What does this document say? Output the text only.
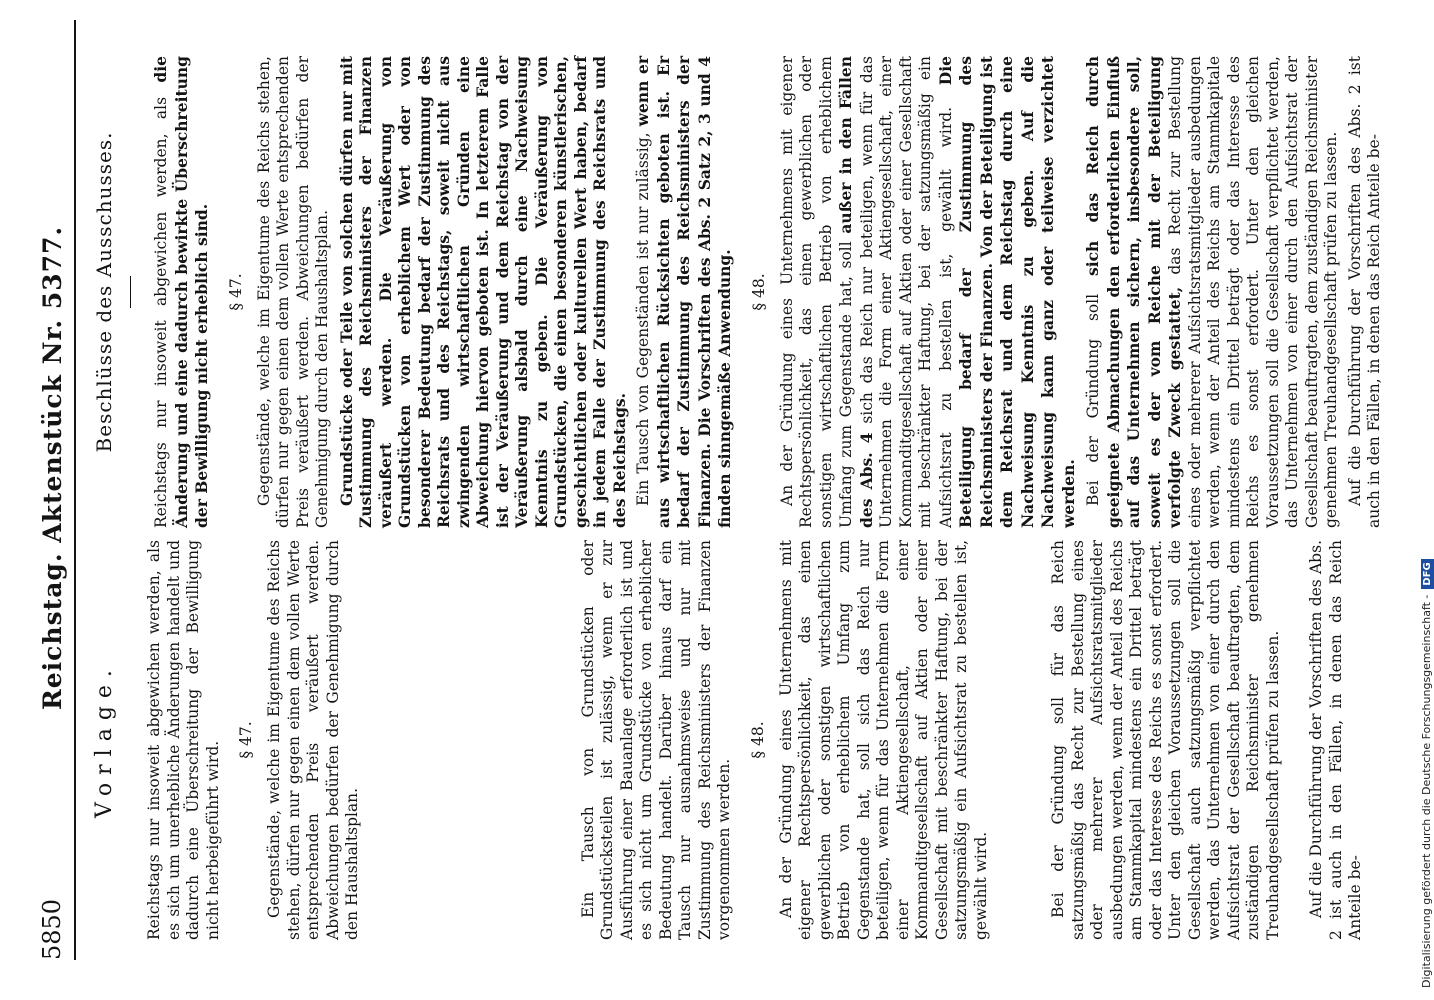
5850
Reichstag. Aktenstück Nr. 5377.
Vorlage. Reichstags nur insoweit abgewichen werden, als es sich um unerhebliche Änderungen handelt und dadurch eine Überschreitung der Bewilligung nicht herbeigeführt wird.

§ 47. Gegenstände, welche im Eigentume des Reichs stehen, dürfen nur gegen einen dem vollen Werte entsprechenden Preis veräußert werden. Abweichungen bedürfen der Genehmigung durch den Haushaltsplan.	Ein Tausch von Grundstücken oder Grundstücksteilen ist zulässig, wenn er zur Ausführung einer Bauanlage erforderlich ist und es sich nicht um Grundstücke von erheblicher Bedeutung handelt. Darüber hinaus darf ein Tausch nur ausnahmsweise und nur mit Zustimmung des Reichsministers der Finanzen vorgenommen werden.

§ 48. An der Gründung eines Unternehmens mit eigener Rechtspersönlichkeit, das einen gewerblichen oder sonstigen wirtschaftlichen Betrieb von erheblichem Umfang zum Gegenstande hat, soll sich das Reich nur beteiligen, wenn für das Unternehmen die Form einer Aktiengesellschaft, einer Kommanditgesellschaft auf Aktien oder einer Gesellschaft mit beschränkter Haftung, bei der satzungsmäßig ein Aufsichtsrat zu bestellen ist, gewählt wird.	Bei der Gründung soll für das Reich satzungsmäßig das Recht zur Bestellung eines oder mehrerer Aufsichtsratsmitglieder ausbedungen werden, wenn der Anteil des Reichs am Stammkapital mindestens ein Drittel beträgt oder das Interesse des Reichs es sonst erfordert. Unter den gleichen Voraussetzungen soll die Gesellschaft auch satzungsmäßig verpflichtet werden, das Unternehmen von einer durch den Aufsichtsrat der Gesellschaft beauftragten, dem zuständigen Reichsminister genehmen Treuhandgesellschaft prüfen zu lassen. Auf die Durchführung der Vorschriften des Abs. 2 ist auch in den Fällen, in denen das Reich Anteile be-

Beschlüsse des Ausschusses. Reichstags nur insoweit abgewichen werden, als die Änderung und eine dadurch bewirkte Überschreitung der Bewilligung nicht erheblich sind. § 47. Gegenstände, welche im Eigentume des Reichs stehen, dürfen nur gegen einen dem vollen Werte entsprechenden Preis veräußert werden. Abweichungen bedürfen der Genehmigung durch den Haushaltsplan. Grundstücke oder Teile von solchen dürfen nur mit Zustimmung des Reichsministers der Finanzen veräußert werden. Die Veräußerung von Grundstücken von erheblichem Wert oder von besonderer Bedeutung bedarf der Zustimmung des Reichsrats und des Reichstags, soweit nicht aus zwingenden wirtschaftlichen Gründen eine Abweichung hiervon geboten ist. In letzterem Falle ist der Veräußerung und dem Reichstag von der Veräußerung alsbald durch eine Nachweisung Kenntnis zu geben. Die Veräußerung von Grundstücken, die einen besonderen künstlerischen, geschichtlichen oder kulturellen Wert haben, bedarf in jedem Falle der Zustimmung des Reichsrats und des Reichstags. Ein Tausch von Gegenständen ist nur zulässig, wenn er aus wirtschaftlichen Rücksichten geboten ist. Er bedarf der Zustimmung des Reichsministers der Finanzen. Die Vorschriften des Abs. 2 Satz 2, 3 und 4 finden sinngemäße Anwendung. § 48. An der Gründung eines Unternehmens mit eigener Rechtspersönlichkeit, das einen gewerblichen oder sonstigen wirtschaftlichen Betrieb von erheblichem Umfang zum Gegenstande hat, soll außer in den Fällen des Abs. 4 sich das Reich nur beteiligen, wenn für das Unternehmen die Form einer Aktiengesellschaft, einer Kommanditgesellschaft auf Aktien oder einer Gesellschaft mit beschränkter Haftung, bei der satzungsmäßig ein Aufsichtsrat zu bestellen ist, gewählt wird. Die Beteiligung bedarf der Zustimmung des Reichsministers der Finanzen. Von der Beteiligung ist dem Reichsrat und dem Reichstag durch eine Nachweisung Kenntnis zu geben. Auf die Nachweisung kann ganz oder teilweise verzichtet werden. Bei der Gründung soll sich das Reich durch geeignete Abmachungen den erforderlichen Einfluß auf das Unternehmen sichern, insbesondere soll, soweit es der vom Reiche mit der Beteiligung verfolgte Zweck gestattet, das Recht zur Bestellung eines oder mehrerer Aufsichtsratsmitglieder ausbedungen werden, wenn der Anteil des Reichs am Stammkapitale mindestens ein Drittel beträgt oder das Interesse des Reichs es sonst erfordert. Unter den gleichen Voraussetzungen soll die Gesellschaft verpflichtet werden, das Unternehmen von einer durch den Aufsichtsrat der Gesellschaft beauftragten, dem zuständigen Reichsminister genehmen Treuhandgesellschaft prüfen zu lassen. Auf die Durchführung der Vorschriften des Abs. 2 ist auch in den Fällen, in denen das Reich Anteile be-

Digitalisierung gefördert durch die Deutsche Forschungsgemeinschaft -DFG
